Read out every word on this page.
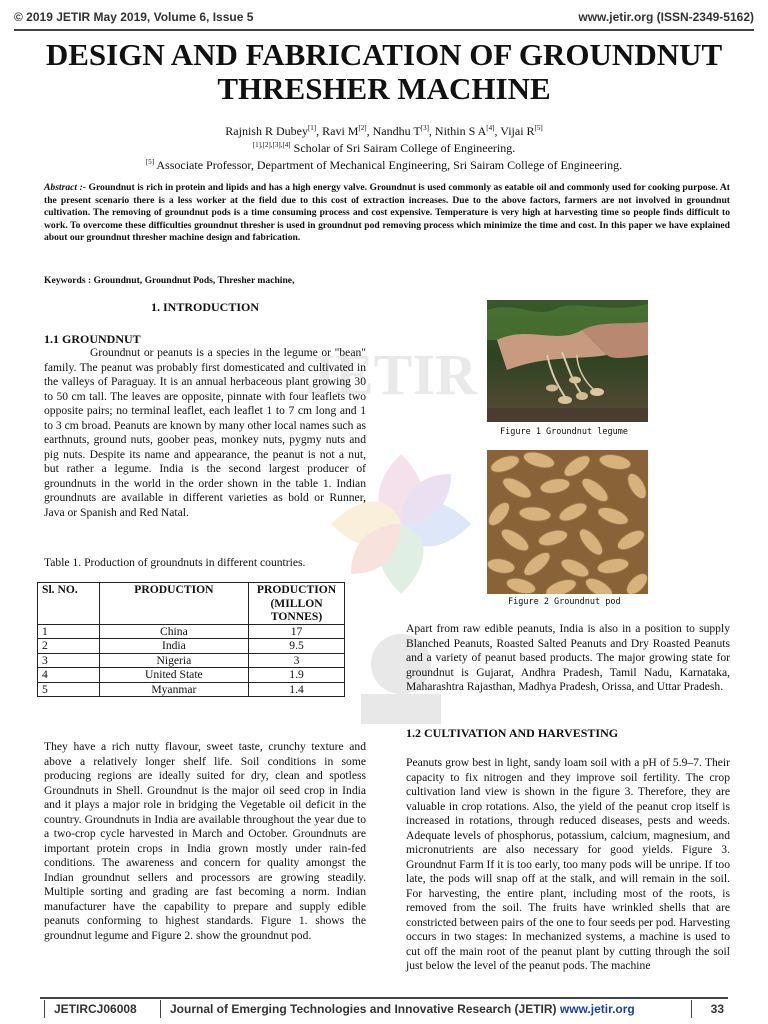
JETIR
© 2019 JETIR May 2019, Volume 6, Issue 5	www.jetir.org (ISSN-2349-5162)
DESIGN AND FABRICATION OF GROUNDNUT THRESHER MACHINE
Rajnish R Dubey[1], Ravi M[2], Nandhu T[3], Nithin S A[4], Vijai R[5]
[1],[2],[3],[4] Scholar of Sri Sairam College of Engineering.
[5] Associate Professor, Department of Mechanical Engineering, Sri Sairam College of Engineering.
Abstract :- Groundnut is rich in protein and lipids and has a high energy valve. Groundnut is used commonly as eatable oil and commonly used for cooking purpose. At the present scenario there is a less worker at the field due to this cost of extraction increases. Due to the above factors, farmers are not involved in groundnut cultivation. The removing of groundnut pods is a time consuming process and cost expensive. Temperature is very high at harvesting time so people finds difficult to work. To overcome these difficulties groundnut thresher is used in groundnut pod removing process which minimize the time and cost. In this paper we have explained about our groundnut thresher machine design and fabrication.
Keywords : Groundnut, Groundnut Pods, Thresher machine,
1. INTRODUCTION
1.1 GROUNDNUT
Groundnut or peanuts is a species in the legume or "bean" family. The peanut was probably first domesticated and cultivated in the valleys of Paraguay. It is an annual herbaceous plant growing 30 to 50 cm tall. The leaves are opposite, pinnate with four leaflets two opposite pairs; no terminal leaflet, each leaflet 1 to 7 cm long and 1 to 3 cm broad. Peanuts are known by many other local names such as earthnuts, ground nuts, goober peas, monkey nuts, pygmy nuts and pig nuts. Despite its name and appearance, the peanut is not a nut, but rather a legume. India is the second largest producer of groundnuts in the world in the order shown in the table 1. Indian groundnuts are available in different varieties as bold or Runner, Java or Spanish and Red Natal.
Table 1. Production of groundnuts in different countries.
Sl. NO.	PRODUCTION	PRODUCTION (MILLON TONNES)
1	China	17
2	India	9.5
3	Nigeria	3
4	United State	1.9
5	Myanmar	1.4
They have a rich nutty flavour, sweet taste, crunchy texture and above a relatively longer shelf life. Soil conditions in some producing regions are ideally suited for dry, clean and spotless Groundnuts in Shell. Groundnut is the major oil seed crop in India and it plays a major role in bridging the Vegetable oil deficit in the country. Groundnuts in India are available throughout the year due to a two-crop cycle harvested in March and October. Groundnuts are important protein crops in India grown mostly under rain-fed conditions. The awareness and concern for quality amongst the Indian groundnut sellers and processors are growing steadily. Multiple sorting and grading are fast becoming a norm. Indian manufacturer have the capability to prepare and supply edible peanuts conforming to highest standards. Figure 1. shows the groundnut legume and Figure 2. show the groundnut pod.
Figure 1 Groundnut legume
Figure 2 Groundnut pod
Apart from raw edible peanuts, India is also in a position to supply Blanched Peanuts, Roasted Salted Peanuts and Dry Roasted Peanuts and a variety of peanut based products. The major growing state for groundnut is Gujarat, Andhra Pradesh, Tamil Nadu, Karnataka, Maharashtra Rajasthan, Madhya Pradesh, Orissa, and Uttar Pradesh.
1.2 CULTIVATION AND HARVESTING
Peanuts grow best in light, sandy loam soil with a pH of 5.9–7. Their capacity to fix nitrogen and they improve soil fertility. The crop cultivation land view is shown in the figure 3. Therefore, they are valuable in crop rotations. Also, the yield of the peanut crop itself is increased in rotations, through reduced diseases, pests and weeds. Adequate levels of phosphorus, potassium, calcium, magnesium, and micronutrients are also necessary for good yields. Figure 3. Groundnut Farm If it is too early, too many pods will be unripe. If too late, the pods will snap off at the stalk, and will remain in the soil. For harvesting, the entire plant, including most of the roots, is removed from the soil. The fruits have wrinkled shells that are constricted between pairs of the one to four seeds per pod. Harvesting occurs in two stages: In mechanized systems, a machine is used to cut off the main root of the peanut plant by cutting through the soil just below the level of the peanut pods. The machine
JETIRCJ06008	Journal of Emerging Technologies and Innovative Research (JETIR) www.jetir.org	33
